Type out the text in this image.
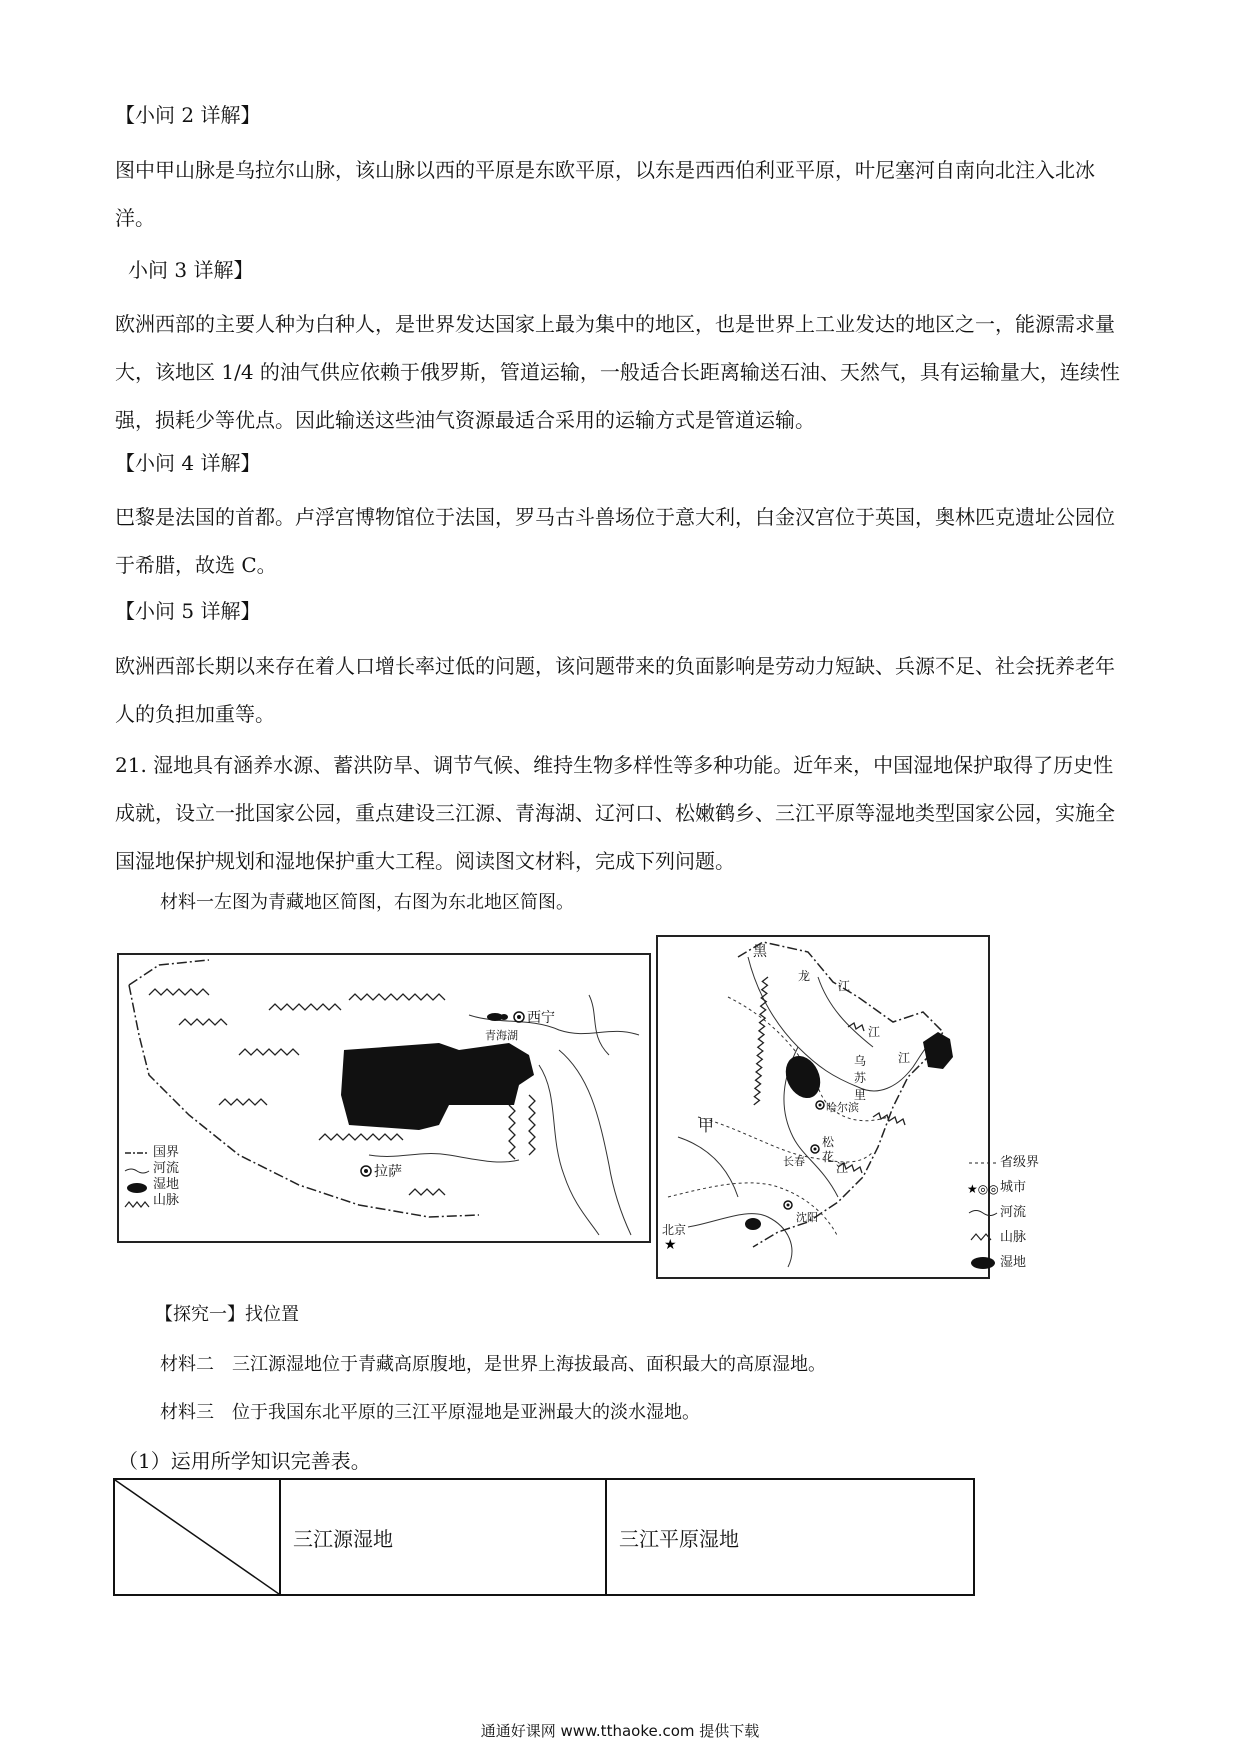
【小问 2 详解】

图中甲山脉是乌拉尔山脉，该山脉以西的平原是东欧平原，以东是西西伯利亚平原，叶尼塞河自南向北注入北冰洋。

小问 3 详解】

欧洲西部的主要人种为白种人，是世界发达国家上最为集中的地区，也是世界上工业发达的地区之一，能源需求量大，该地区 1/4 的油气供应依赖于俄罗斯，管道运输，一般适合长距离输送石油、天然气，具有运输量大，连续性强，损耗少等优点。因此输送这些油气资源最适合采用的运输方式是管道运输。

【小问 4 详解】

巴黎是法国的首都。卢浮宫博物馆位于法国，罗马古斗兽场位于意大利，白金汉宫位于英国，奥林匹克遗址公园位于希腊，故选 C。

【小问 5 详解】

欧洲西部长期以来存在着人口增长率过低的问题，该问题带来的负面影响是劳动力短缺、兵源不足、社会抚养老年人的负担加重等。

21. 湿地具有涵养水源、蓄洪防旱、调节气候、维持生物多样性等多种功能。近年来，中国湿地保护取得了历史性成就，设立一批国家公园，重点建设三江源、青海湖、辽河口、松嫩鹤乡、三江平原等湿地类型国家公园，实施全国湿地保护规划和湿地保护重大工程。阅读图文材料，完成下列问题。

材料一左图为青藏地区简图，右图为东北地区简图。
国界
河流
湿地
山脉
西宁
青海湖
拉萨
★
黑
龙
江
江
乌
苏
里
江
哈尔滨
长春
沈阳
北京
甲
松
花
江
★◎◎
省级界
城市
河流
山脉
湿地
【探究一】找位置
材料二　三江源湿地位于青藏高原腹地，是世界上海拔最高、面积最大的高原湿地。
材料三　位于我国东北平原的三江平原湿地是亚洲最大的淡水湿地。
（1）运用所学知识完善表。
	三江源湿地	三江平原湿地
通通好课网 www.tthaoke.com 提供下载
